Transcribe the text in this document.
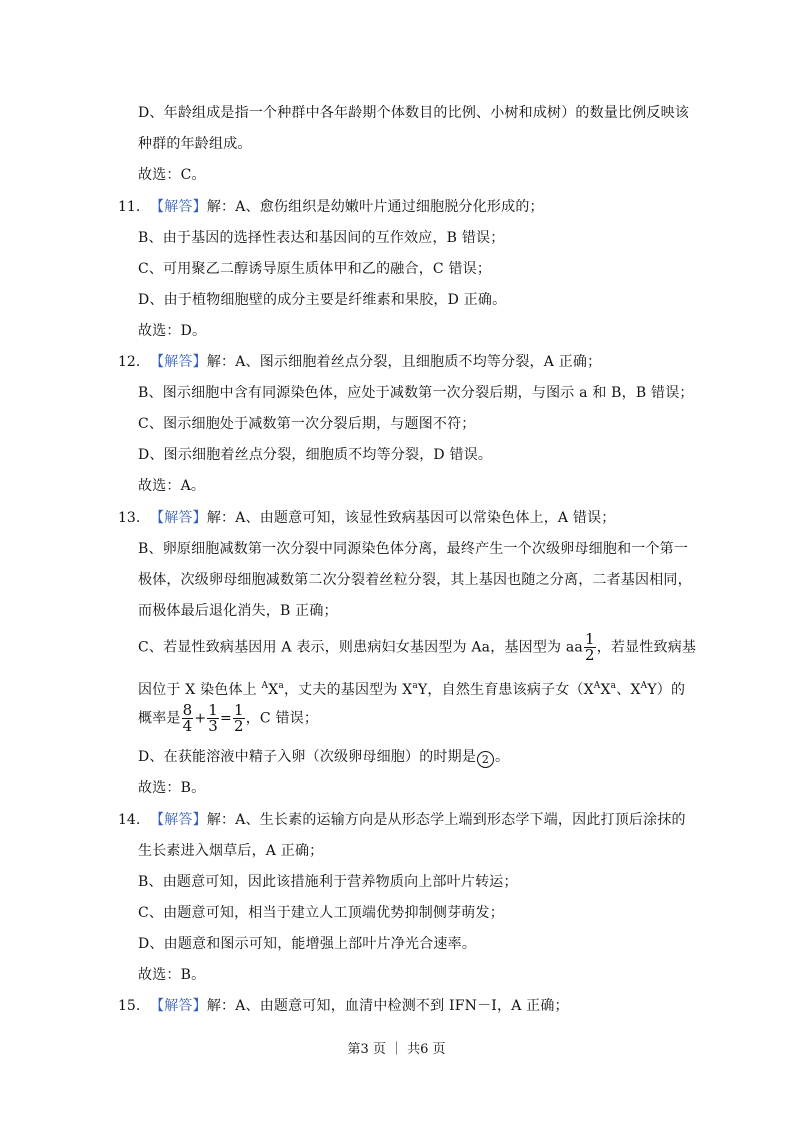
D、年龄组成是指一个种群中各年龄期个体数目的比例、小树和成树）的数量比例反映该
种群的年龄组成。
故选：C。
11. 【解答】解：A、愈伤组织是幼嫩叶片通过细胞脱分化形成的；
B、由于基因的选择性表达和基因间的互作效应，B 错误；
C、可用聚乙二醇诱导原生质体甲和乙的融合，C 错误；
D、由于植物细胞壁的成分主要是纤维素和果胶，D 正确。
故选：D。
12. 【解答】解：A、图示细胞着丝点分裂，且细胞质不均等分裂，A 正确；
B、图示细胞中含有同源染色体，应处于减数第一次分裂后期，与图示 a 和 B，B 错误；
C、图示细胞处于减数第一次分裂后期，与题图不符；
D、图示细胞着丝点分裂，细胞质不均等分裂，D 错误。
故选：A。
13. 【解答】解：A、由题意可知，该显性致病基因可以常染色体上，A 错误；
B、卵原细胞减数第一次分裂中同源染色体分离，最终产生一个次级卵母细胞和一个第一
极体，次级卵母细胞减数第二次分裂着丝粒分裂，其上基因也随之分离，二者基因相同，
而极体最后退化消失，B 正确；
C、若显性致病基因用 A 表示，则患病妇女基因型为 Aa，基因型为 aa $\frac{1}{2}$ ，若显性致病基
因位于 X 染色体上 $^AX^a$，丈夫的基因型为 $X^aY$，自然生育患该病子女（$X^AX^a$、$X^AY$）的
概率是 $\frac{8}{4} + \frac{1}{3} = \frac{1}{2}$ ，C 错误；
D、在获能溶液中精子入卵（次级卵母细胞）的时期是 2 。
故选：B。
14. 【解答】解：A、生长素的运输方向是从形态学上端到形态学下端，因此打顶后涂抹的
生长素进入烟草后，A 正确；
B、由题意可知，因此该措施利于营养物质向上部叶片转运；
C、由题意可知，相当于建立人工顶端优势抑制侧芽萌发；
D、由题意和图示可知，能增强上部叶片净光合速率。
故选：B。
15. 【解答】解：A、由题意可知，血清中检测不到 IFN－Ⅰ，A 正确；
第3 页 ｜ 共6 页
